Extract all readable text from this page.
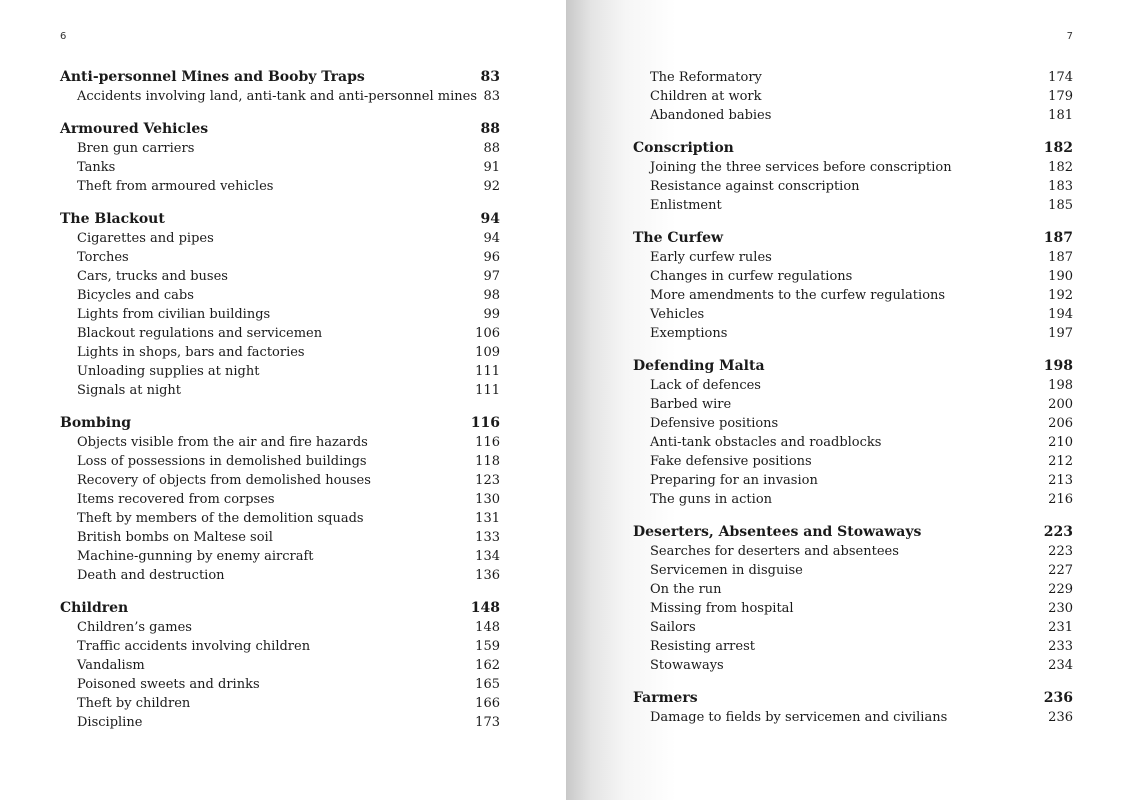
6
Anti-personnel Mines and Booby Traps	83
Accidents involving land, anti-tank and anti-personnel mines 83
Armoured Vehicles	88
Bren gun carriers	88
Tanks	91
Theft from armoured vehicles	92
The Blackout	94
Cigarettes and pipes	94
Torches	96
Cars, trucks and buses	97
Bicycles and cabs	98
Lights from civilian buildings	99
Blackout regulations and servicemen	106
Lights in shops, bars and factories	109
Unloading supplies at night	111
Signals at night	111
Bombing	116
Objects visible from the air and fire hazards	116
Loss of possessions in demolished buildings	118
Recovery of objects from demolished houses	123
Items recovered from corpses	130
Theft by members of the demolition squads	131
British bombs on Maltese soil	133
Machine-gunning by enemy aircraft	134
Death and destruction	136
Children	148
Children’s games	148
Traffic accidents involving children	159
Vandalism	162
Poisoned sweets and drinks	165
Theft by children	166
Discipline	173
7
The Reformatory	174
Children at work	179
Abandoned babies	181
Conscription	182
Joining the three services before conscription	182
Resistance against conscription	183
Enlistment	185
The Curfew	187
Early curfew rules	187
Changes in curfew regulations	190
More amendments to the curfew regulations	192
Vehicles	194
Exemptions	197
Defending Malta	198
Lack of defences	198
Barbed wire	200
Defensive positions	206
Anti-tank obstacles and roadblocks	210
Fake defensive positions	212
Preparing for an invasion	213
The guns in action	216
Deserters, Absentees and Stowaways	223
Searches for deserters and absentees	223
Servicemen in disguise	227
On the run	229
Missing from hospital	230
Sailors	231
Resisting arrest	233
Stowaways	234
Farmers	236
Damage to fields by servicemen and civilians	236
